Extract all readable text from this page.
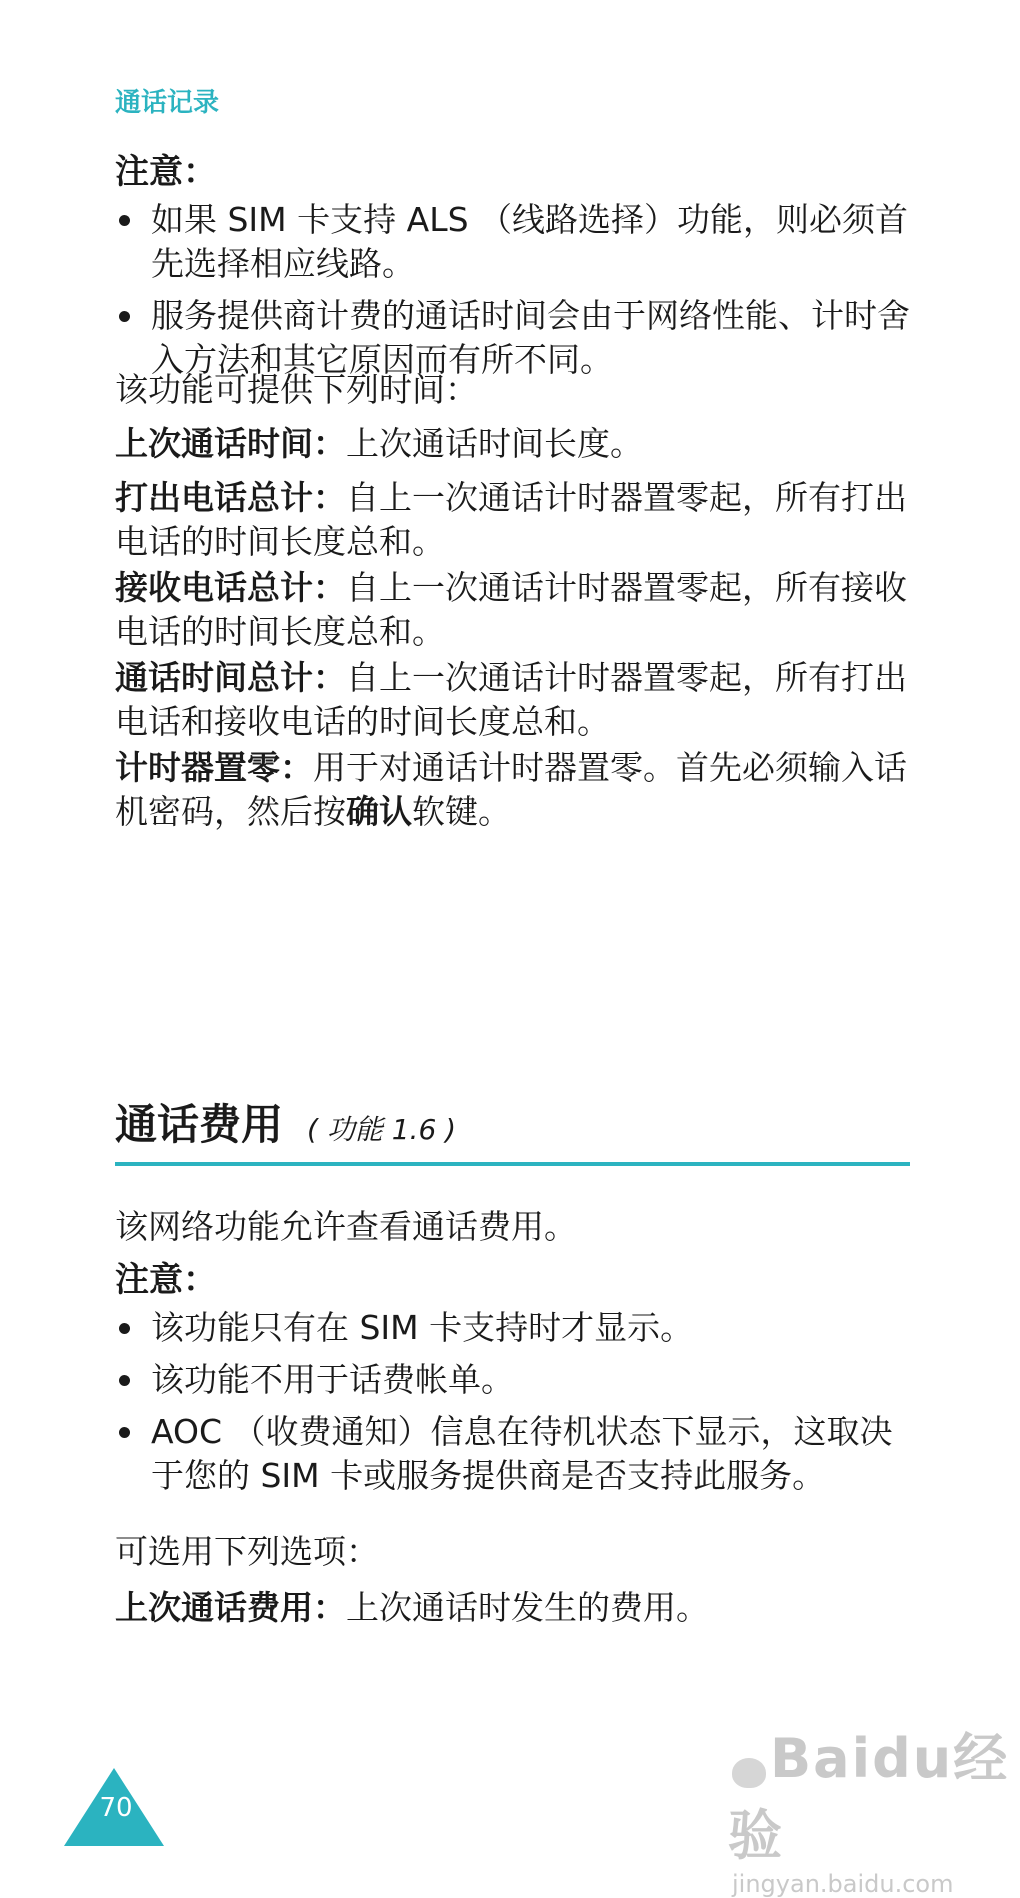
通话记录
注意：
如果 SIM 卡支持 ALS （线路选择）功能，则必须首先选择相应线路。
服务提供商计费的通话时间会由于网络性能、计时舍入方法和其它原因而有所不同。
该功能可提供下列时间：
上次通话时间：上次通话时间长度。
打出电话总计：自上一次通话计时器置零起，所有打出电话的时间长度总和。
接收电话总计：自上一次通话计时器置零起，所有接收电话的时间长度总和。
通话时间总计：自上一次通话计时器置零起，所有打出电话和接收电话的时间长度总和。
计时器置零：用于对通话计时器置零。首先必须输入话机密码，然后按确认软键。
通话费用 ( 功能 1.6 )
该网络功能允许查看通话费用。
注意：
该功能只有在 SIM 卡支持时才显示。
该功能不用于话费帐单。
AOC （收费通知）信息在待机状态下显示，这取决于您的 SIM 卡或服务提供商是否支持此服务。
可选用下列选项：
上次通话费用：上次通话时发生的费用。
70
Baidu经验
jingyan.baidu.com
